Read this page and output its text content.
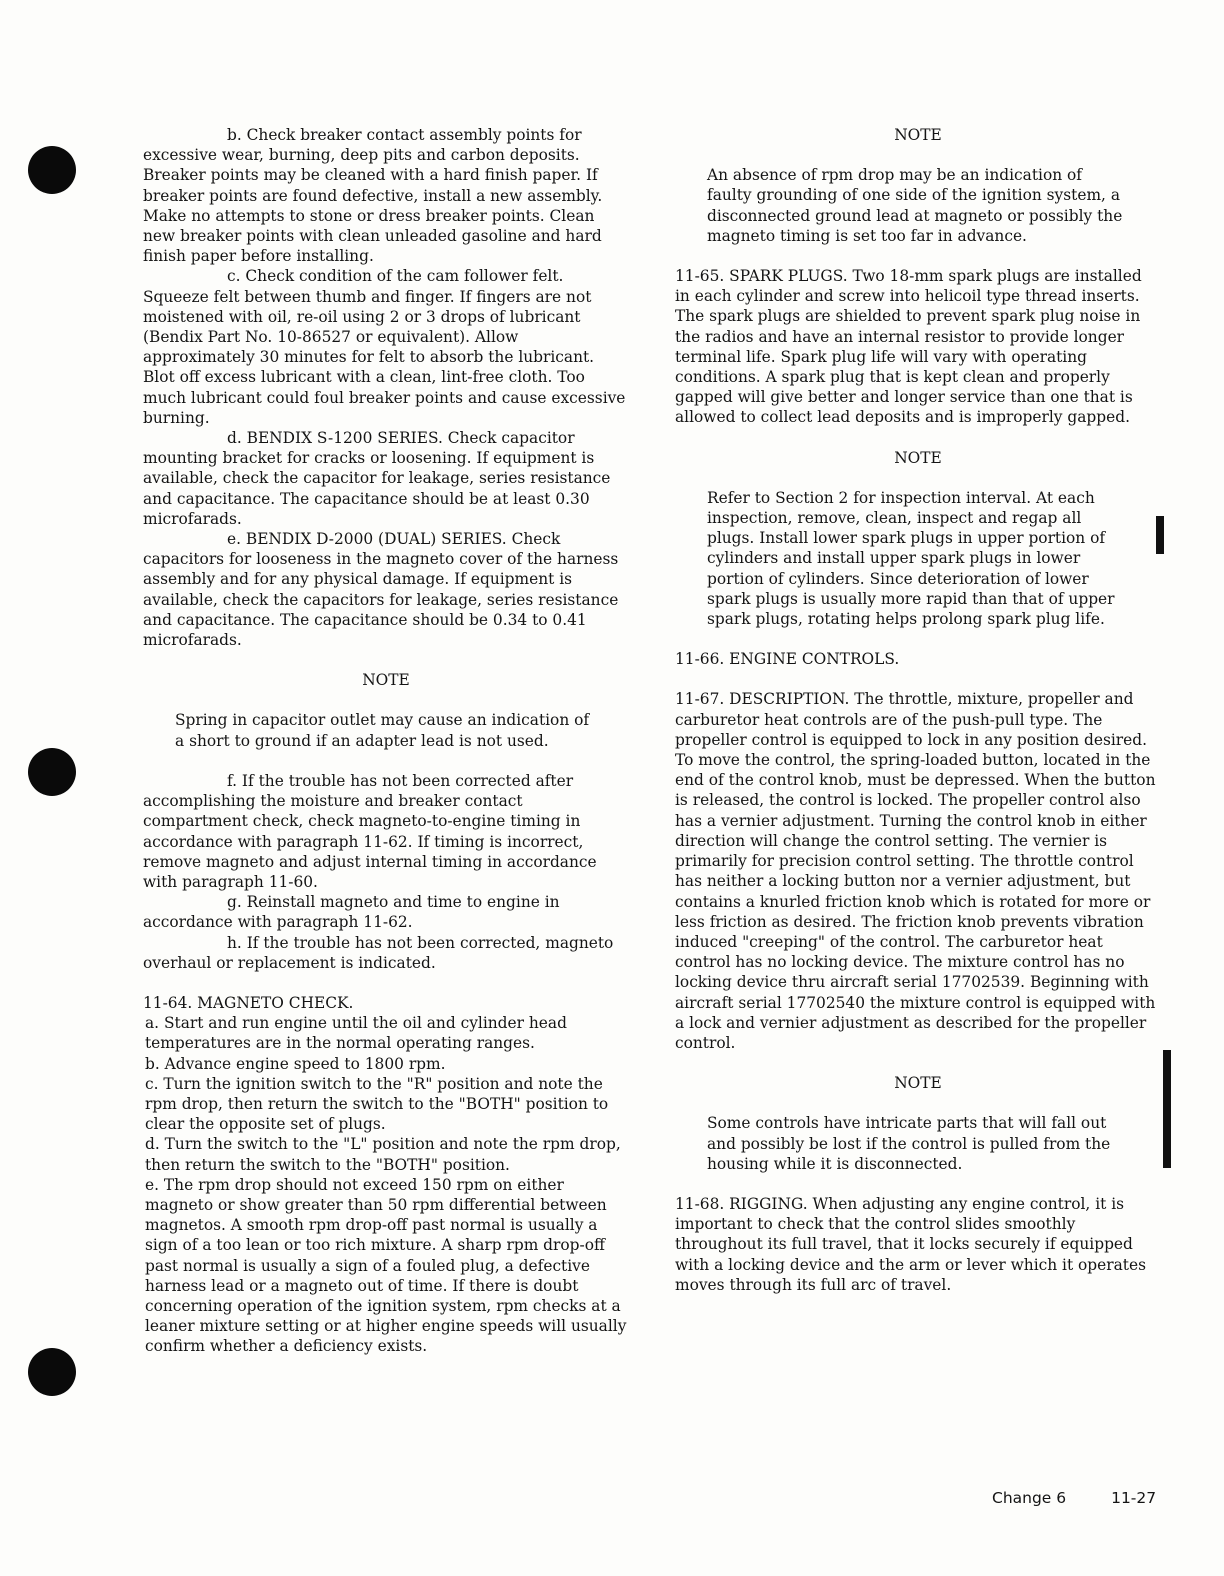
b. Check breaker contact assembly points for excessive wear, burning, deep pits and carbon deposits. Breaker points may be cleaned with a hard finish paper. If breaker points are found defective, install a new assembly. Make no attempts to stone or dress breaker points. Clean new breaker points with clean unleaded gasoline and hard finish paper before installing.

c. Check condition of the cam follower felt. Squeeze felt between thumb and finger. If fingers are not moistened with oil, re-oil using 2 or 3 drops of lubricant (Bendix Part No. 10-86527 or equivalent). Allow approximately 30 minutes for felt to absorb the lubricant. Blot off excess lubricant with a clean, lint-free cloth. Too much lubricant could foul breaker points and cause excessive burning.

d. BENDIX S-1200 SERIES. Check capacitor mounting bracket for cracks or loosening. If equipment is available, check the capacitor for leakage, series resistance and capacitance. The capacitance should be at least 0.30 microfarads.

e. BENDIX D-2000 (DUAL) SERIES. Check capacitors for looseness in the magneto cover of the harness assembly and for any physical damage. If equipment is available, check the capacitors for leakage, series resistance and capacitance. The capacitance should be 0.34 to 0.41 microfarads.

NOTE

Spring in capacitor outlet may cause an indication of a short to ground if an adapter lead is not used.

f. If the trouble has not been corrected after accomplishing the moisture and breaker contact compartment check, check magneto-to-engine timing in accordance with paragraph 11-62. If timing is incorrect, remove magneto and adjust internal timing in accordance with paragraph 11-60.

g. Reinstall magneto and time to engine in accordance with paragraph 11-62.

h. If the trouble has not been corrected, magneto overhaul or replacement is indicated.

11-64. MAGNETO CHECK.

a. Start and run engine until the oil and cylinder head temperatures are in the normal operating ranges.

b. Advance engine speed to 1800 rpm.

c. Turn the ignition switch to the "R" position and note the rpm drop, then return the switch to the "BOTH" position to clear the opposite set of plugs.

d. Turn the switch to the "L" position and note the rpm drop, then return the switch to the "BOTH" position.

e. The rpm drop should not exceed 150 rpm on either magneto or show greater than 50 rpm differential between magnetos. A smooth rpm drop-off past normal is usually a sign of a too lean or too rich mixture. A sharp rpm drop-off past normal is usually a sign of a fouled plug, a defective harness lead or a magneto out of time. If there is doubt concerning operation of the ignition system, rpm checks at a leaner mixture setting or at higher engine speeds will usually confirm whether a deficiency exists.

NOTE

An absence of rpm drop may be an indication of faulty grounding of one side of the ignition system, a disconnected ground lead at magneto or possibly the magneto timing is set too far in advance.

11-65. SPARK PLUGS. Two 18-mm spark plugs are installed in each cylinder and screw into helicoil type thread inserts. The spark plugs are shielded to prevent spark plug noise in the radios and have an internal resistor to provide longer terminal life. Spark plug life will vary with operating conditions. A spark plug that is kept clean and properly gapped will give better and longer service than one that is allowed to collect lead deposits and is improperly gapped.

NOTE

Refer to Section 2 for inspection interval. At each inspection, remove, clean, inspect and regap all plugs. Install lower spark plugs in upper portion of cylinders and install upper spark plugs in lower portion of cylinders. Since deterioration of lower spark plugs is usually more rapid than that of upper spark plugs, rotating helps prolong spark plug life.

11-66. ENGINE CONTROLS.

11-67. DESCRIPTION. The throttle, mixture, propeller and carburetor heat controls are of the push-pull type. The propeller control is equipped to lock in any position desired. To move the control, the spring-loaded button, located in the end of the control knob, must be depressed. When the button is released, the control is locked. The propeller control also has a vernier adjustment. Turning the control knob in either direction will change the control setting. The vernier is primarily for precision control setting. The throttle control has neither a locking button nor a vernier adjustment, but contains a knurled friction knob which is rotated for more or less friction as desired. The friction knob prevents vibration induced "creeping" of the control. The carburetor heat control has no locking device. The mixture control has no locking device thru aircraft serial 17702539. Beginning with aircraft serial 17702540 the mixture control is equipped with a lock and vernier adjustment as described for the propeller control.

NOTE

Some controls have intricate parts that will fall out and possibly be lost if the control is pulled from the housing while it is disconnected.

11-68. RIGGING. When adjusting any engine control, it is important to check that the control slides smoothly throughout its full travel, that it locks securely if equipped with a locking device and the arm or lever which it operates moves through its full arc of travel.

Change 6	11-27
